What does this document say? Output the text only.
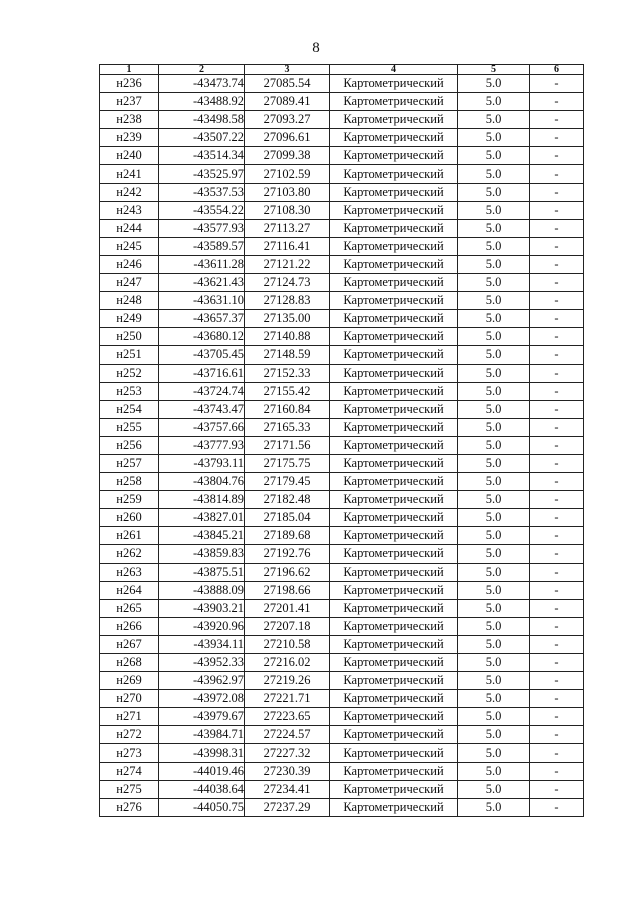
8
1	2	3	4	5	6
н236	-43473.74	27085.54	Картометрический	5.0	-
н237	-43488.92	27089.41	Картометрический	5.0	-
н238	-43498.58	27093.27	Картометрический	5.0	-
н239	-43507.22	27096.61	Картометрический	5.0	-
н240	-43514.34	27099.38	Картометрический	5.0	-
н241	-43525.97	27102.59	Картометрический	5.0	-
н242	-43537.53	27103.80	Картометрический	5.0	-
н243	-43554.22	27108.30	Картометрический	5.0	-
н244	-43577.93	27113.27	Картометрический	5.0	-
н245	-43589.57	27116.41	Картометрический	5.0	-
н246	-43611.28	27121.22	Картометрический	5.0	-
н247	-43621.43	27124.73	Картометрический	5.0	-
н248	-43631.10	27128.83	Картометрический	5.0	-
н249	-43657.37	27135.00	Картометрический	5.0	-
н250	-43680.12	27140.88	Картометрический	5.0	-
н251	-43705.45	27148.59	Картометрический	5.0	-
н252	-43716.61	27152.33	Картометрический	5.0	-
н253	-43724.74	27155.42	Картометрический	5.0	-
н254	-43743.47	27160.84	Картометрический	5.0	-
н255	-43757.66	27165.33	Картометрический	5.0	-
н256	-43777.93	27171.56	Картометрический	5.0	-
н257	-43793.11	27175.75	Картометрический	5.0	-
н258	-43804.76	27179.45	Картометрический	5.0	-
н259	-43814.89	27182.48	Картометрический	5.0	-
н260	-43827.01	27185.04	Картометрический	5.0	-
н261	-43845.21	27189.68	Картометрический	5.0	-
н262	-43859.83	27192.76	Картометрический	5.0	-
н263	-43875.51	27196.62	Картометрический	5.0	-
н264	-43888.09	27198.66	Картометрический	5.0	-
н265	-43903.21	27201.41	Картометрический	5.0	-
н266	-43920.96	27207.18	Картометрический	5.0	-
н267	-43934.11	27210.58	Картометрический	5.0	-
н268	-43952.33	27216.02	Картометрический	5.0	-
н269	-43962.97	27219.26	Картометрический	5.0	-
н270	-43972.08	27221.71	Картометрический	5.0	-
н271	-43979.67	27223.65	Картометрический	5.0	-
н272	-43984.71	27224.57	Картометрический	5.0	-
н273	-43998.31	27227.32	Картометрический	5.0	-
н274	-44019.46	27230.39	Картометрический	5.0	-
н275	-44038.64	27234.41	Картометрический	5.0	-
н276	-44050.75	27237.29	Картометрический	5.0	-
